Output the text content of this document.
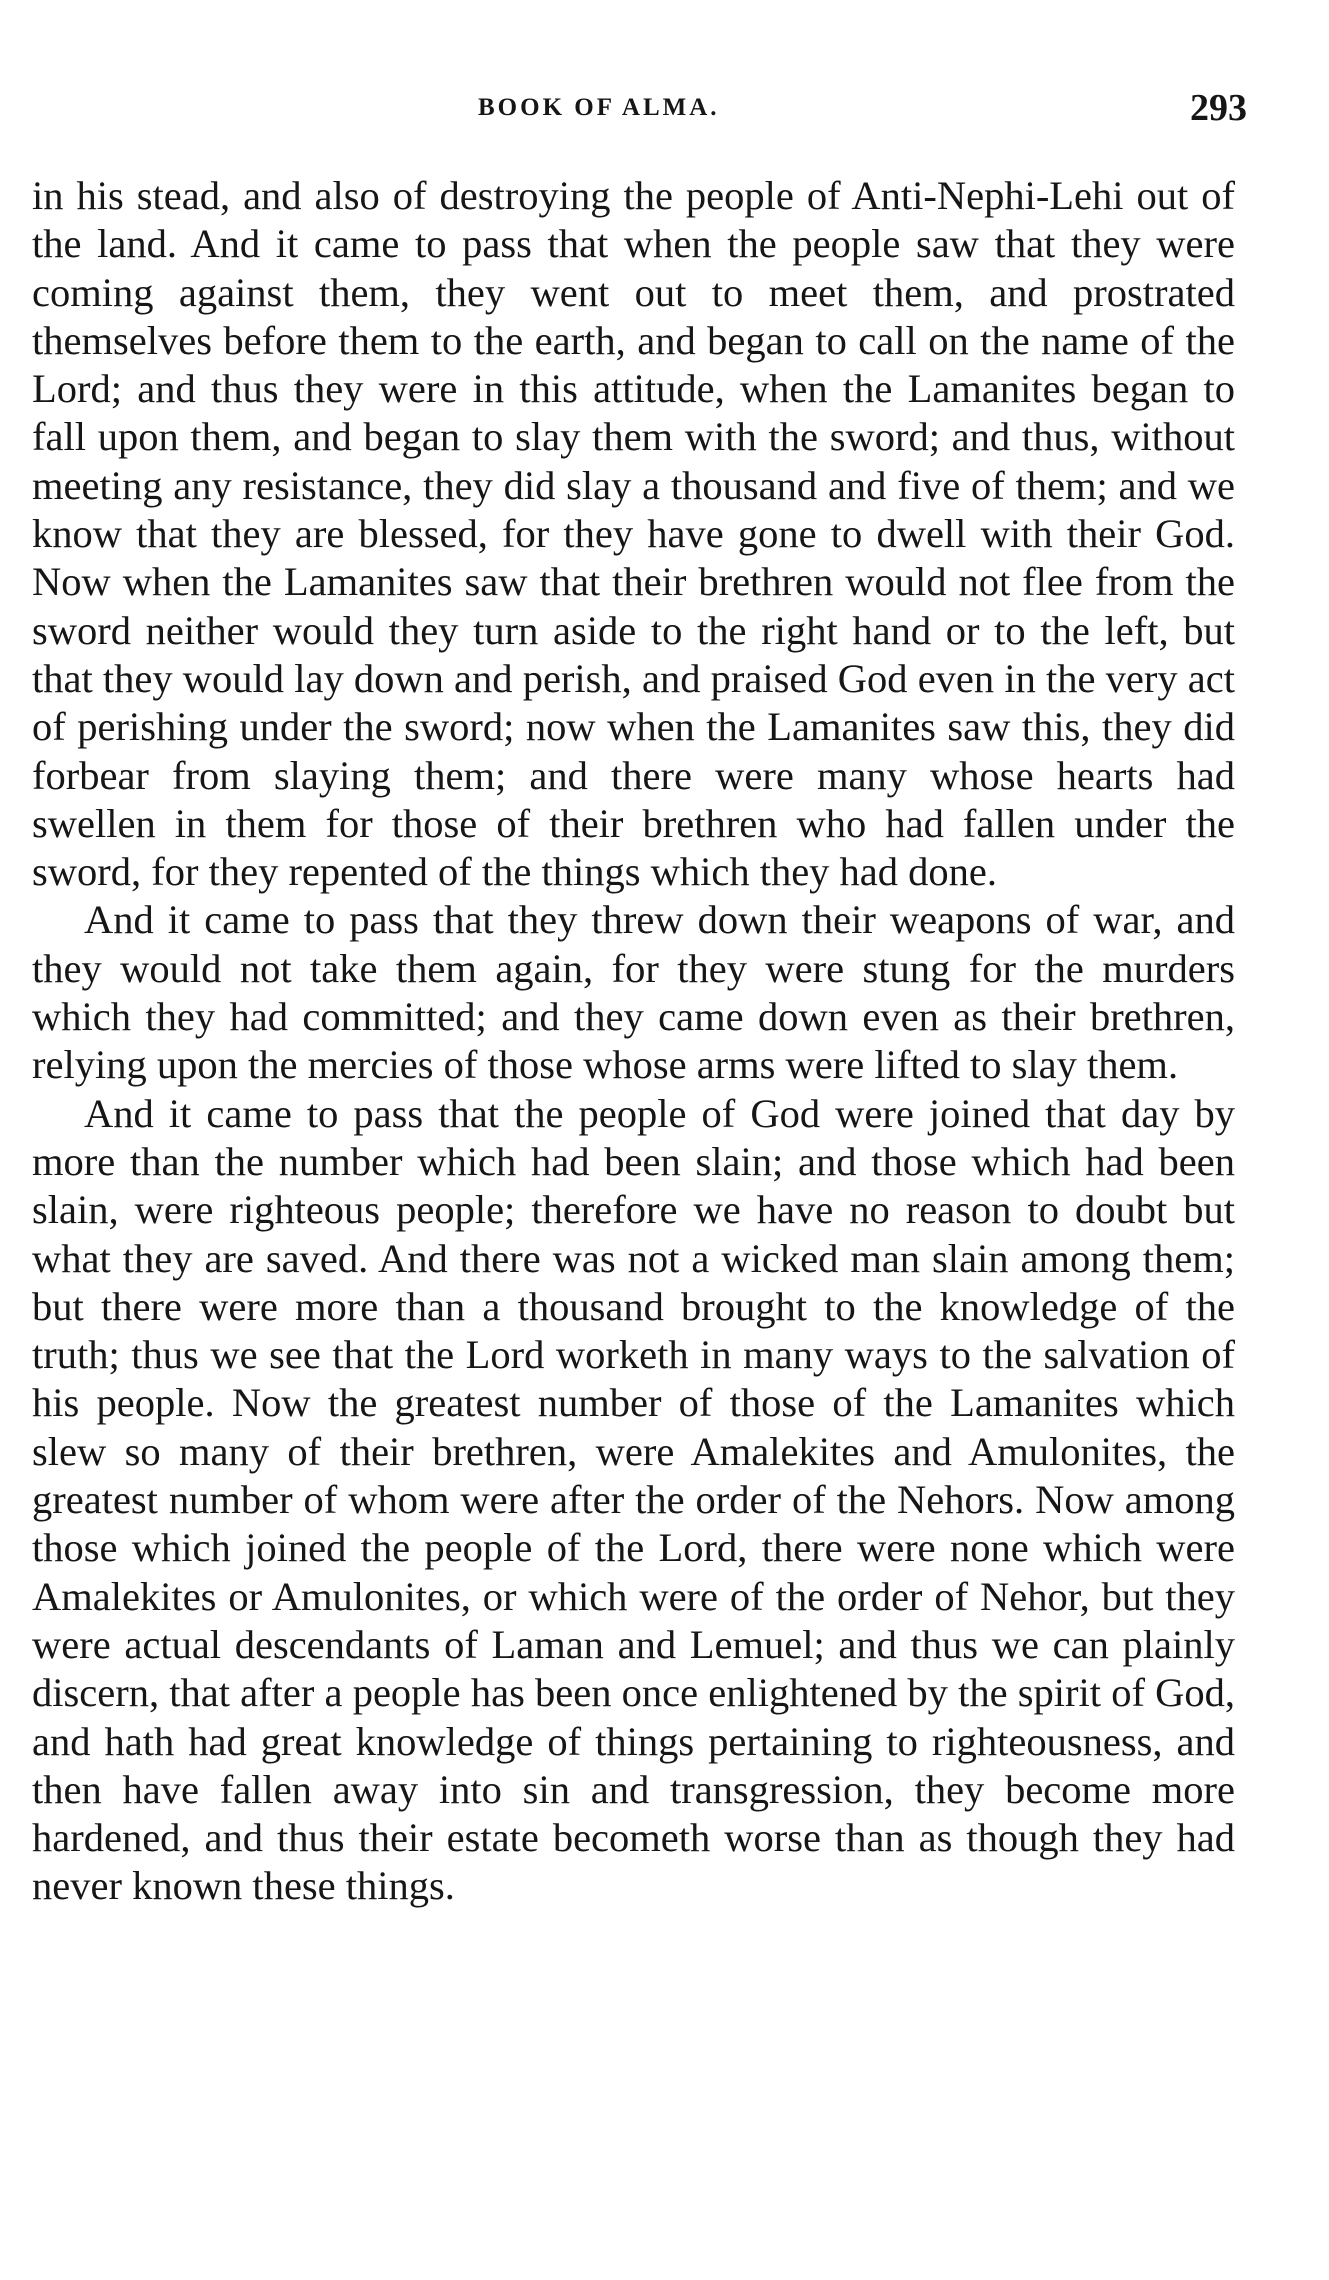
BOOK OF ALMA.	293

in his stead, and also of destroying the people of Anti-Nephi-Lehi out of the land. And it came to pass that when the people saw that they were coming against them, they went out to meet them, and prostrated themselves before them to the earth, and began to call on the name of the Lord; and thus they were in this attitude, when the Lamanites began to fall upon them, and began to slay them with the sword; and thus, without meeting any resistance, they did slay a thousand and five of them; and we know that they are blessed, for they have gone to dwell with their God. Now when the Lamanites saw that their brethren would not flee from the sword neither would they turn aside to the right hand or to the left, but that they would lay down and perish, and praised God even in the very act of perishing under the sword; now when the Lamanites saw this, they did forbear from slaying them; and there were many whose hearts had swellen in them for those of their brethren who had fallen under the sword, for they repented of the things which they had done.

And it came to pass that they threw down their weapons of war, and they would not take them again, for they were stung for the murders which they had committed; and they came down even as their brethren, relying upon the mercies of those whose arms were lifted to slay them.

And it came to pass that the people of God were joined that day by more than the number which had been slain; and those which had been slain, were righteous people; therefore we have no reason to doubt but what they are saved. And there was not a wicked man slain among them; but there were more than a thousand brought to the knowledge of the truth; thus we see that the Lord worketh in many ways to the salvation of his people. Now the greatest number of those of the Lamanites which slew so many of their brethren, were Amalekites and Amulonites, the greatest number of whom were after the order of the Nehors. Now among those which joined the people of the Lord, there were none which were Amalekites or Amulonites, or which were of the order of Nehor, but they were actual descendants of Laman and Lemuel; and thus we can plainly discern, that after a people has been once enlightened by the spirit of God, and hath had great knowledge of things pertaining to righteousness, and then have fallen away into sin and transgression, they become more hardened, and thus their estate becometh worse than as though they had never known these things.
